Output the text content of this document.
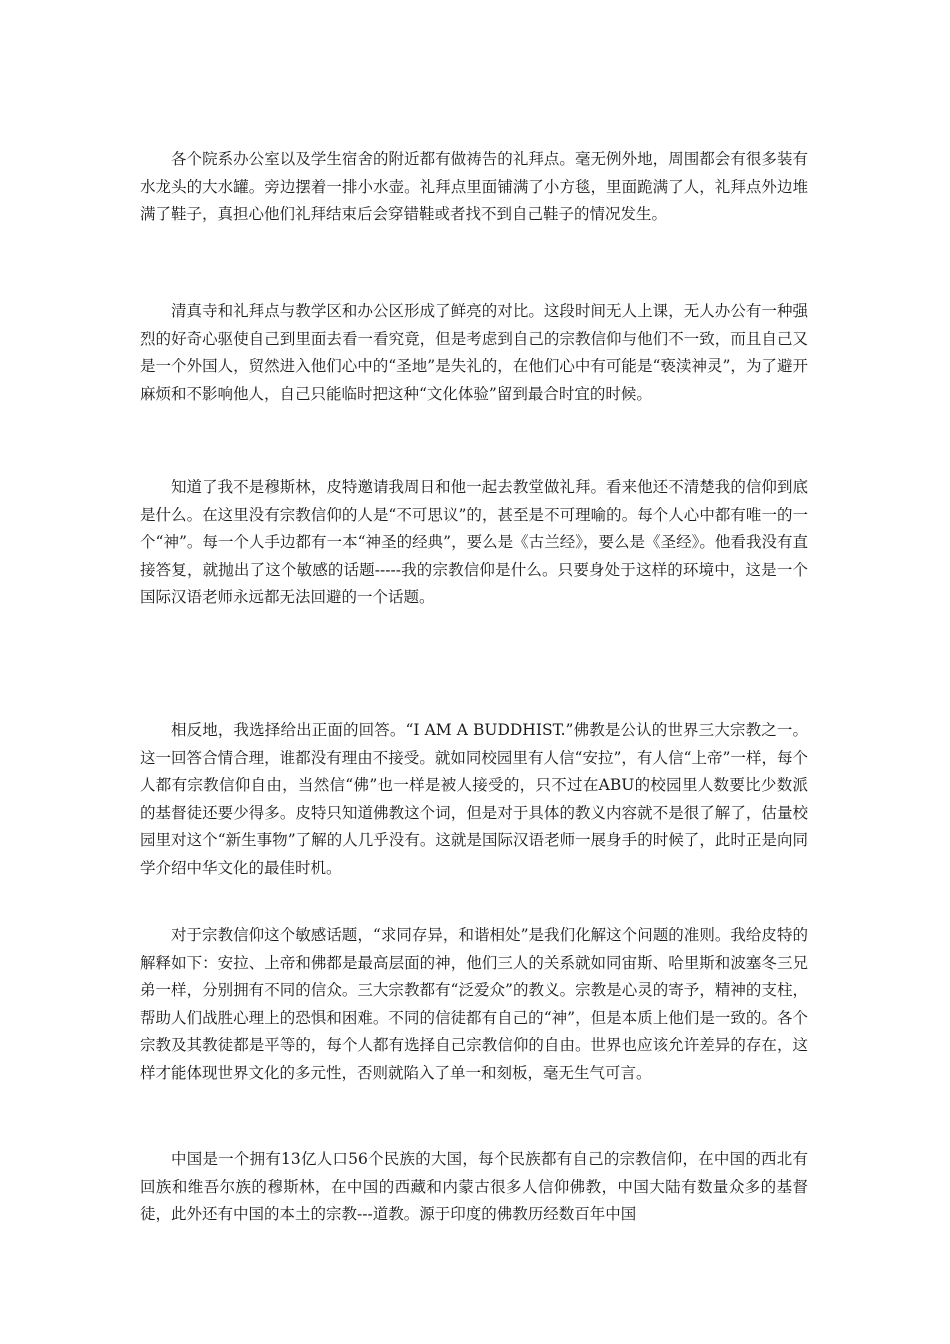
各个院系办公室以及学生宿舍的附近都有做祷告的礼拜点。毫无例外地，周围都会有很多装有水龙头的大水罐。旁边摆着一排小水壶。礼拜点里面铺满了小方毯，里面跪满了人，礼拜点外边堆满了鞋子，真担心他们礼拜结束后会穿错鞋或者找不到自己鞋子的情况发生。

清真寺和礼拜点与教学区和办公区形成了鲜亮的对比。这段时间无人上课，无人办公有一种强烈的好奇心驱使自己到里面去看一看究竟，但是考虑到自己的宗教信仰与他们不一致，而且自己又是一个外国人，贸然进入他们心中的“圣地”是失礼的，在他们心中有可能是“亵渎神灵”，为了避开麻烦和不影响他人，自己只能临时把这种“文化体验”留到最合时宜的时候。

知道了我不是穆斯林，皮特邀请我周日和他一起去教堂做礼拜。看来他还不清楚我的信仰到底是什么。在这里没有宗教信仰的人是“不可思议”的，甚至是不可理喻的。每个人心中都有唯一的一个“神”。每一个人手边都有一本“神圣的经典”，要么是《古兰经》，要么是《圣经》。他看我没有直接答复，就抛出了这个敏感的话题-----我的宗教信仰是什么。只要身处于这样的环境中，这是一个国际汉语老师永远都无法回避的一个话题。

相反地，我选择给出正面的回答。“I AM A BUDDHIST.”佛教是公认的世界三大宗教之一。这一回答合情合理，谁都没有理由不接受。就如同校园里有人信“安拉”，有人信“上帝”一样，每个人都有宗教信仰自由，当然信“佛”也一样是被人接受的，只不过在ABU的校园里人数要比少数派的基督徒还要少得多。皮特只知道佛教这个词，但是对于具体的教义内容就不是很了解了，估量校园里对这个“新生事物”了解的人几乎没有。这就是国际汉语老师一展身手的时候了，此时正是向同学介绍中华文化的最佳时机。

对于宗教信仰这个敏感话题，“求同存异，和谐相处”是我们化解这个问题的准则。我给皮特的解释如下：安拉、上帝和佛都是最高层面的神，他们三人的关系就如同宙斯、哈里斯和波塞冬三兄弟一样，分别拥有不同的信众。三大宗教都有“泛爱众”的教义。宗教是心灵的寄予，精神的支柱，帮助人们战胜心理上的恐惧和困难。不同的信徒都有自己的“神”，但是本质上他们是一致的。各个宗教及其教徒都是平等的，每个人都有选择自己宗教信仰的自由。世界也应该允许差异的存在，这样才能体现世界文化的多元性，否则就陷入了单一和刻板，毫无生气可言。

中国是一个拥有13亿人口56个民族的大国，每个民族都有自己的宗教信仰，在中国的西北有回族和维吾尔族的穆斯林，在中国的西藏和内蒙古很多人信仰佛教，中国大陆有数量众多的基督徒，此外还有中国的本土的宗教---道教。源于印度的佛教历经数百年中国
